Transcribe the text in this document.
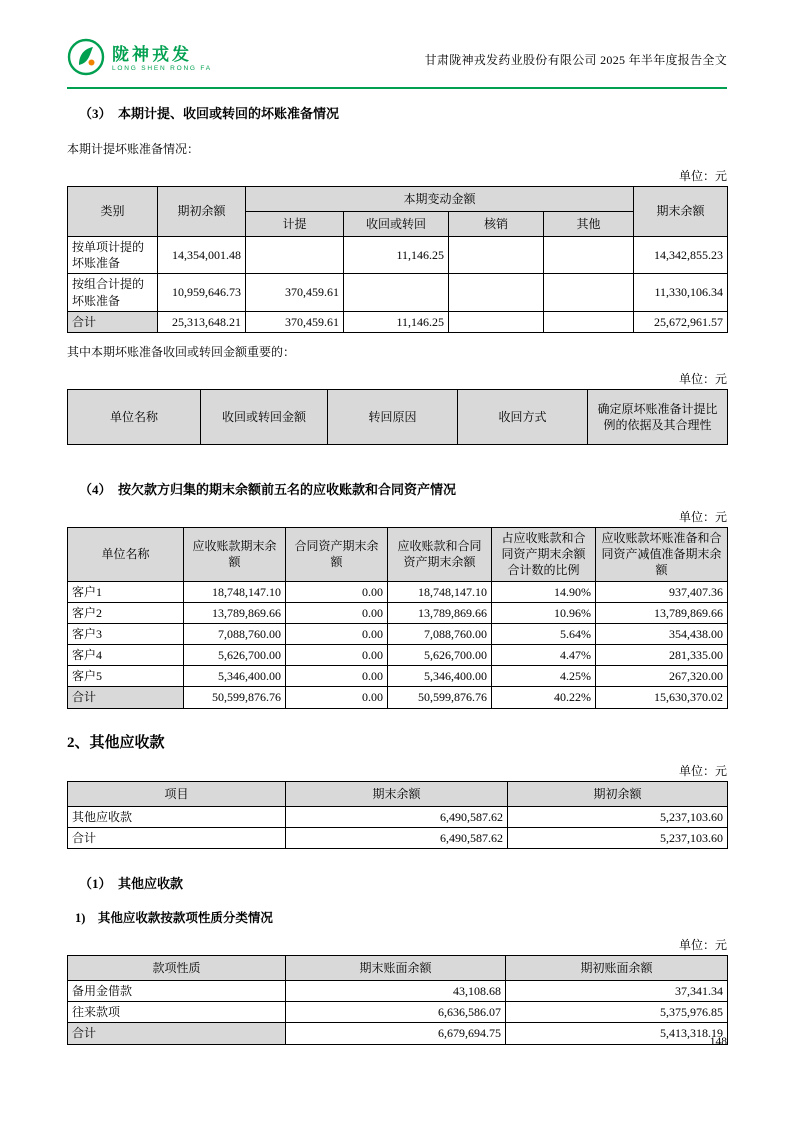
陇神戎发
LONG SHEN RONG FA
甘肃陇神戎发药业股份有限公司 2025 年半年度报告全文
（3）　本期计提、收回或转回的坏账准备情况

本期计提坏账准备情况：

单位：元
类别	期初余额	本期变动金额				期末余额
		计提	收回或转回	核销	其他	
按单项计提的坏账准备	14,354,001.48		11,146.25			14,342,855.23
按组合计提的坏账准备	10,959,646.73	370,459.61				11,330,106.34
合计	25,313,648.21	370,459.61	11,146.25			25,672,961.57

其中本期坏账准备收回或转回金额重要的：

单位：元
单位名称	收回或转回金额	转回原因	收回方式	确定原坏账准备计提比例的依据及其合理性
（4）　按欠款方归集的期末余额前五名的应收账款和合同资产情况
单位：元
单位名称	应收账款期末余额	合同资产期末余额	应收账款和合同资产期末余额	占应收账款和合同资产期末余额合计数的比例	应收账款坏账准备和合同资产减值准备期末余额
客户1	18,748,147.10	0.00	18,748,147.10	14.90%	937,407.36
客户2	13,789,869.66	0.00	13,789,869.66	10.96%	13,789,869.66
客户3	7,088,760.00	0.00	7,088,760.00	5.64%	354,438.00
客户4	5,626,700.00	0.00	5,626,700.00	4.47%	281,335.00
客户5	5,346,400.00	0.00	5,346,400.00	4.25%	267,320.00
合计	50,599,876.76	0.00	50,599,876.76	40.22%	15,630,370.02
2、其他应收款
单位：元
项目	期末余额	期初余额
其他应收款	6,490,587.62	5,237,103.60
合计	6,490,587.62	5,237,103.60
（1）　其他应收款
1)　其他应收款按款项性质分类情况
单位：元
款项性质	期末账面余额	期初账面余额
备用金借款	43,108.68	37,341.34
往来款项	6,636,586.07	5,375,976.85
合计	6,679,694.75	5,413,318.19
148
